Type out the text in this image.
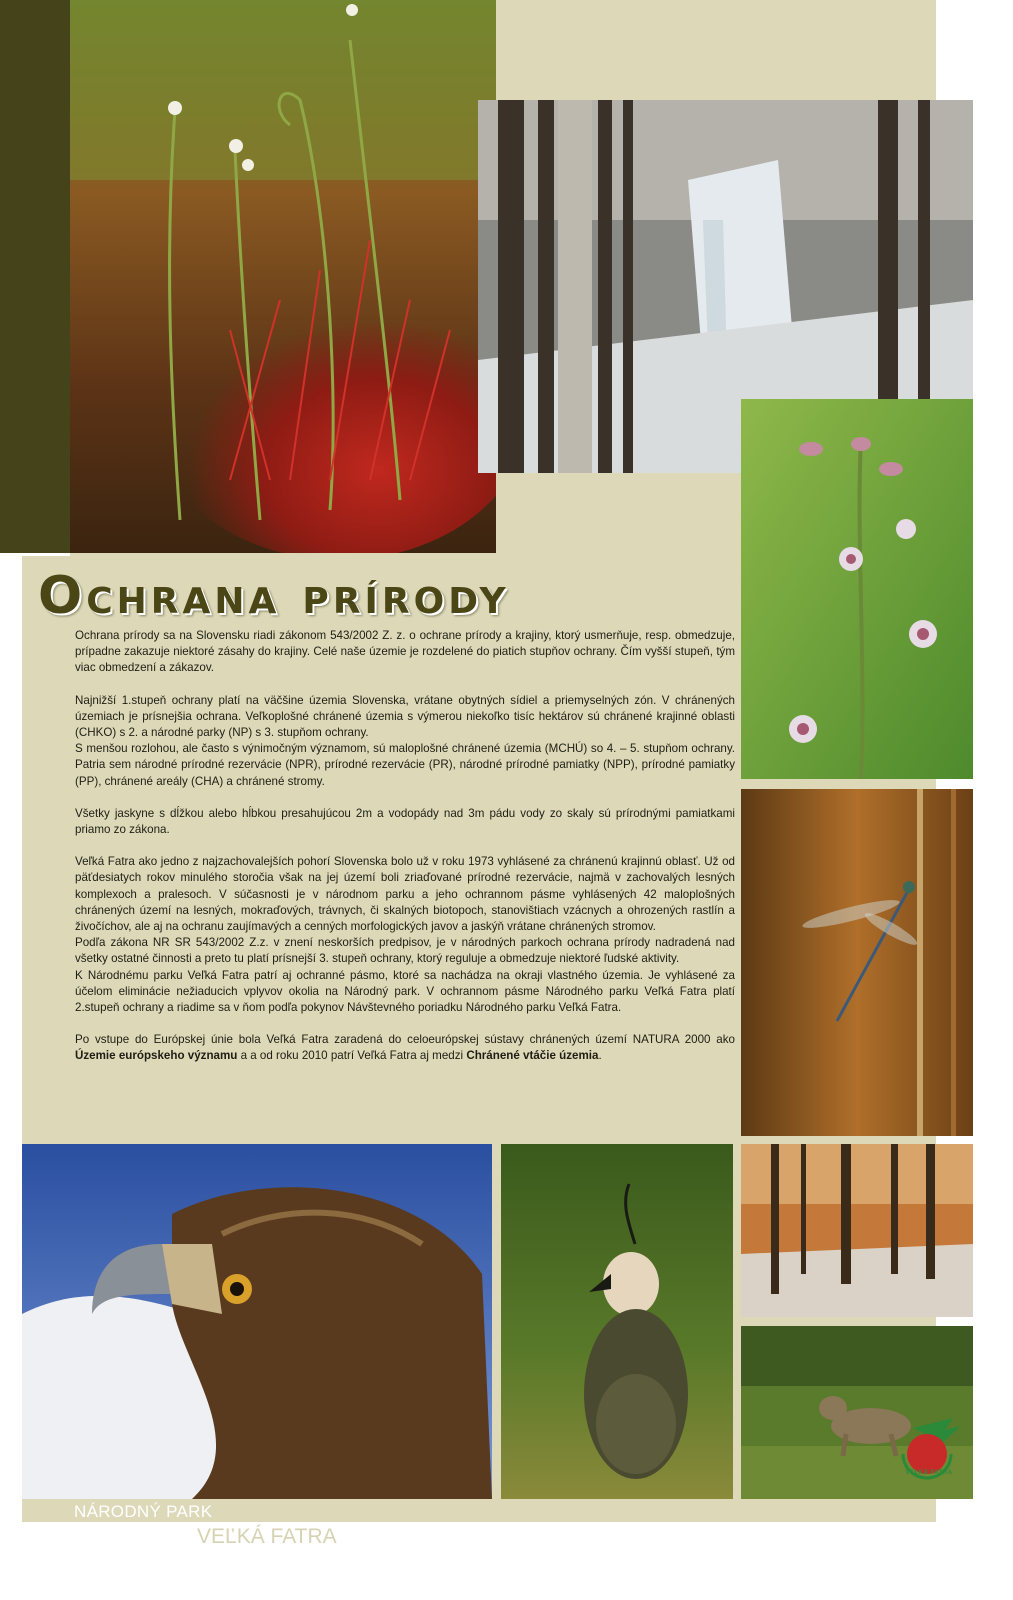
VEĽKÁ FATRA
Ochrana prírody

Ochrana prírody sa na Slovensku riadi zákonom 543/2002 Z. z. o ochrane prírody a krajiny, ktorý usmerňuje, resp. obmedzuje, prípadne zakazuje niektoré zásahy do krajiny. Celé naše územie je rozdelené do piatich stupňov ochrany. Čím vyšší stupeň, tým viac obmedzení a zákazov.

Najnižší 1.stupeň ochrany platí na väčšine územia Slovenska, vrátane obytných sídiel a priemyselných zón. V chránených územiach je prísnejšia ochrana. Veľkoplošné chránené územia s výmerou niekoľko tisíc hektárov sú chránené krajinné oblasti (CHKO) s 2. a národné parky (NP) s 3. stupňom ochrany.

S menšou rozlohou, ale často s výnimočným významom, sú maloplošné chránené územia (MCHÚ) so 4. – 5. stupňom ochrany. Patria sem národné prírodné rezervácie (NPR), prírodné rezervácie (PR), národné prírodné pamiatky (NPP), prírodné pamiatky (PP), chránené areály (CHA) a chránené stromy.

Všetky jaskyne s dĺžkou alebo hĺbkou presahujúcou 2m a vodopády nad 3m pádu vody zo skaly sú prírodnými pamiatkami priamo zo zákona.

Veľká Fatra ako jedno z najzachovalejších pohorí Slovenska bolo už v roku 1973 vyhlásené za chránenú krajinnú oblasť. Už od päťdesiatych rokov minulého storočia však na jej území boli zriaďované prírodné rezervácie, najmä v zachovalých lesných komplexoch a pralesoch. V súčasnosti je v národnom parku a jeho ochrannom pásme vyhlásených 42 maloplošných chránených území na lesných, mokraďových, trávnych, či skalných biotopoch, stanovištiach vzácnych a ohrozených rastlín a živočíchov, ale aj na ochranu zaujímavých a cenných morfologických javov a jaskýň vrátane chránených stromov.

Podľa zákona NR SR 543/2002 Z.z. v znení neskorších predpisov, je v národných parkoch ochrana prírody nadradená nad všetky ostatné činnosti a preto tu platí prísnejší 3. stupeň ochrany, ktorý reguluje a obmedzuje niektoré ľudské aktivity.

K Národnému parku Veľká Fatra patrí aj ochranné pásmo, ktoré sa nachádza na okraji vlastného územia. Je vyhlásené za účelom eliminácie nežiaducich vplyvov okolia na Národný park. V ochrannom pásme Národného parku Veľká Fatra platí 2.stupeň ochrany a riadime sa v ňom podľa pokynov Návštevného poriadku Národného parku Veľká Fatra.

Po vstupe do Európskej únie bola Veľká Fatra zaradená do celoeurópskej sústavy chránených území NATURA 2000 ako Územie európskeho významu a a od roku 2010 patrí Veľká Fatra aj medzi Chránené vtáčie územia.

NÁRODNÝ PARK
VEĽKÁ FATRA
